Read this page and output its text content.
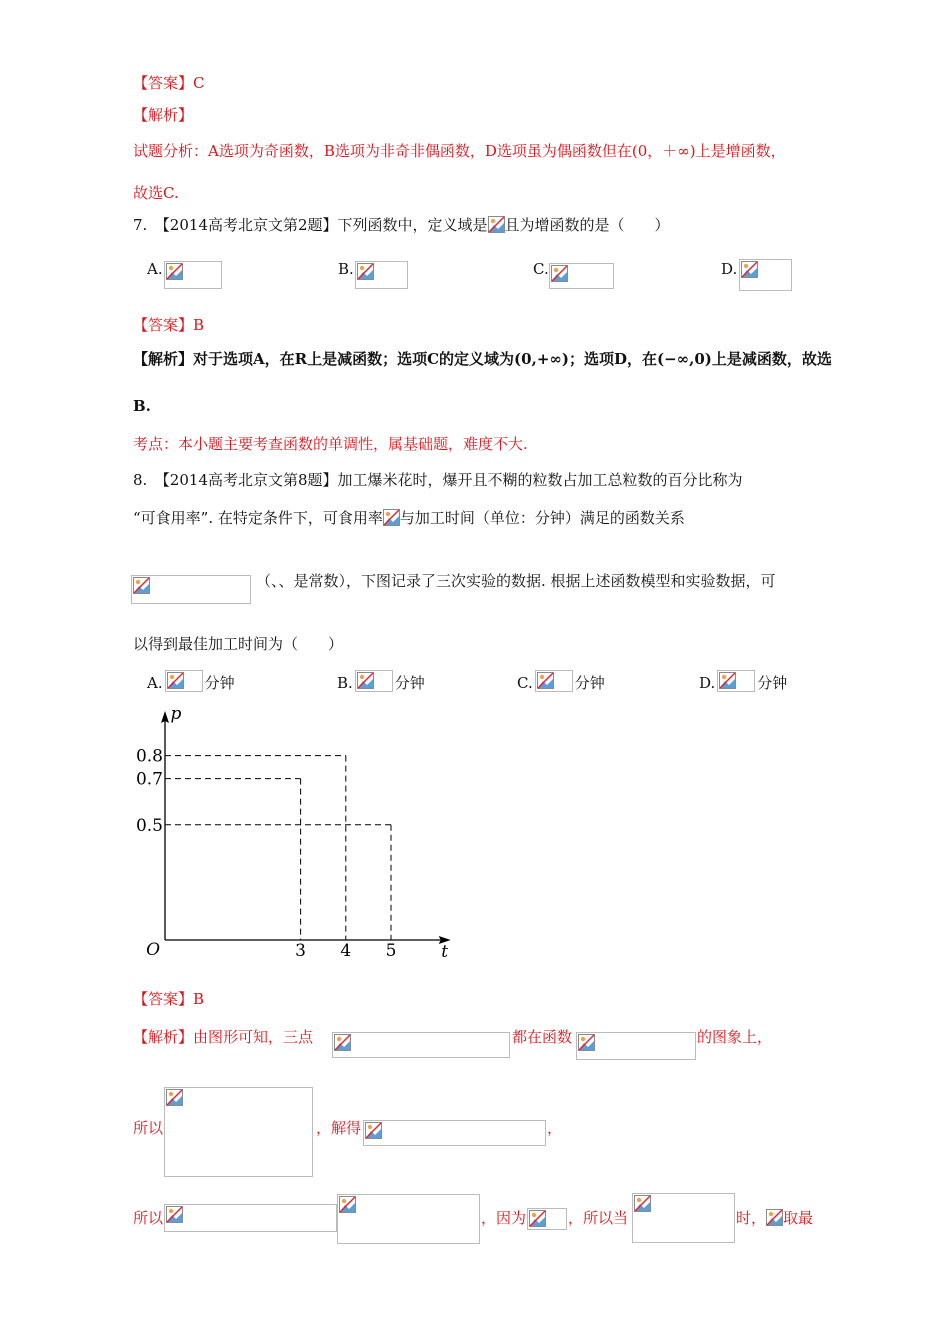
【答案】C
【解析】
试题分析：A选项为奇函数，B选项为非奇非偶函数，D选项虽为偶函数但在(0，＋∞)上是增函数，
故选C.
7.　【2014高考北京文第2题】下列函数中，定义域是 且为增函数的是（　　）
A.	B.	C.	D.
【答案】B
【解析】对于选项A，在R上是减函数；选项C的定义域为(0,+∞)；选项D，在(−∞,0)上是减函数，故选
B.
考点：本小题主要考查函数的单调性，属基础题，难度不大.
8.　【2014高考北京文第8题】加工爆米花时，爆开且不糊的粒数占加工总粒数的百分比称为
“可食用率”. 在特定条件下，可食用率 与加工时间（单位：分钟）满足的函数关系
（、、是常数），下图记录了三次实验的数据. 根据上述函数模型和实验数据，可
以得到最佳加工时间为（　　）
A.	分钟	B.	分钟	C.	分钟	D.	分钟
0.8
0.7
0.5
3 4 5
O	t
p
【答案】B
【解析】由图形可知，三点	都在函数	的图象上，
所以	，解得	，
所以	，因为	，所以当	时， 取最
